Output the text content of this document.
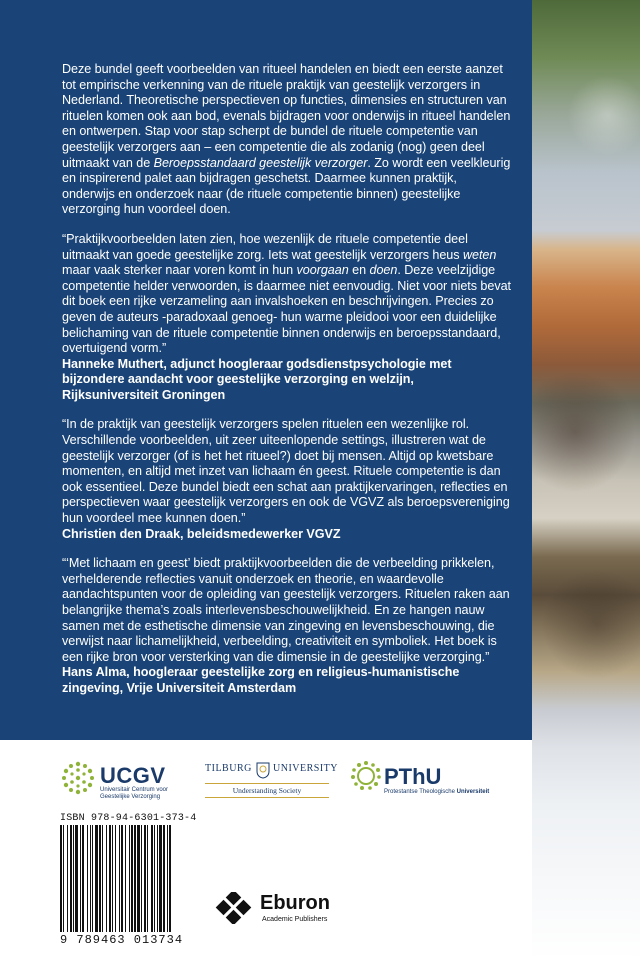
Deze bundel geeft voorbeelden van ritueel handelen en biedt een eerste aanzet tot empirische verkenning van de rituele praktijk van geestelijk verzorgers in Nederland. Theoretische perspectieven op functies, dimensies en structuren van rituelen komen ook aan bod, evenals bijdragen voor onderwijs in ritueel handelen en ontwerpen. Stap voor stap scherpt de bundel de rituele competentie van geestelijk verzorgers aan – een competentie die als zodanig (nog) geen deel uitmaakt van de Beroepsstandaard geestelijk verzorger. Zo wordt een veelkleurig en inspirerend palet aan bijdragen geschetst. Daarmee kunnen praktijk, onderwijs en onderzoek naar (de rituele competentie binnen) geestelijke verzorging hun voordeel doen.

“Praktijkvoorbeelden laten zien, hoe wezenlijk de rituele competentie deel uitmaakt van goede geestelijke zorg. Iets wat geestelijk verzorgers heus weten maar vaak sterker naar voren komt in hun voorgaan en doen. Deze veelzijdige competentie helder verwoorden, is daarmee niet eenvoudig. Niet voor niets bevat dit boek een rijke verzameling aan invalshoeken en beschrijvingen. Precies zo geven de auteurs -paradoxaal genoeg- hun warme pleidooi voor een duidelijke belichaming van de rituele competentie binnen onderwijs en beroepsstandaard, overtuigend vorm.”
Hanneke Muthert, adjunct hoogleraar godsdienstpsychologie met bijzondere aandacht voor geestelijke verzorging en welzijn, Rijksuniversiteit Groningen

“In de praktijk van geestelijk verzorgers spelen rituelen een wezenlijke rol. Verschillende voorbeelden, uit zeer uiteenlopende settings, illustreren wat de geestelijk verzorger (of is het het ritueel?) doet bij mensen. Altijd op kwetsbare momenten, en altijd met inzet van lichaam én geest. Rituele competentie is dan ook essentieel. Deze bundel biedt een schat aan praktijkervaringen, reflecties en perspectieven waar geestelijk verzorgers en ook de VGVZ als beroepsvereniging hun voordeel mee kunnen doen.”
Christien den Draak, beleidsmedewerker VGVZ

“‘Met lichaam en geest’ biedt praktijkvoorbeelden die de verbeelding prikkelen, verhelderende reflecties vanuit onderzoek en theorie, en waardevolle aandachtspunten voor de opleiding van geestelijk verzorgers. Rituelen raken aan belangrijke thema’s zoals interlevensbeschouwelijkheid. En ze hangen nauw samen met de esthetische dimensie van zingeving en levensbeschouwing, die verwijst naar lichamelijkheid, verbeelding, creativiteit en symboliek. Het boek is een rijke bron voor versterking van die dimensie in de geestelijke verzorging.”
Hans Alma, hoogleraar geestelijke zorg en religieus-humanistische zingeving, Vrije Universiteit Amsterdam

UCGV
Universitair Centrum voor Geestelijke Verzorging
TILBURG UNIVERSITY
Understanding Society
PThU
Protestantse Theologische Universiteit
ISBN 978-94-6301-373-4
9 789463 013734
Eburon
Academic Publishers
